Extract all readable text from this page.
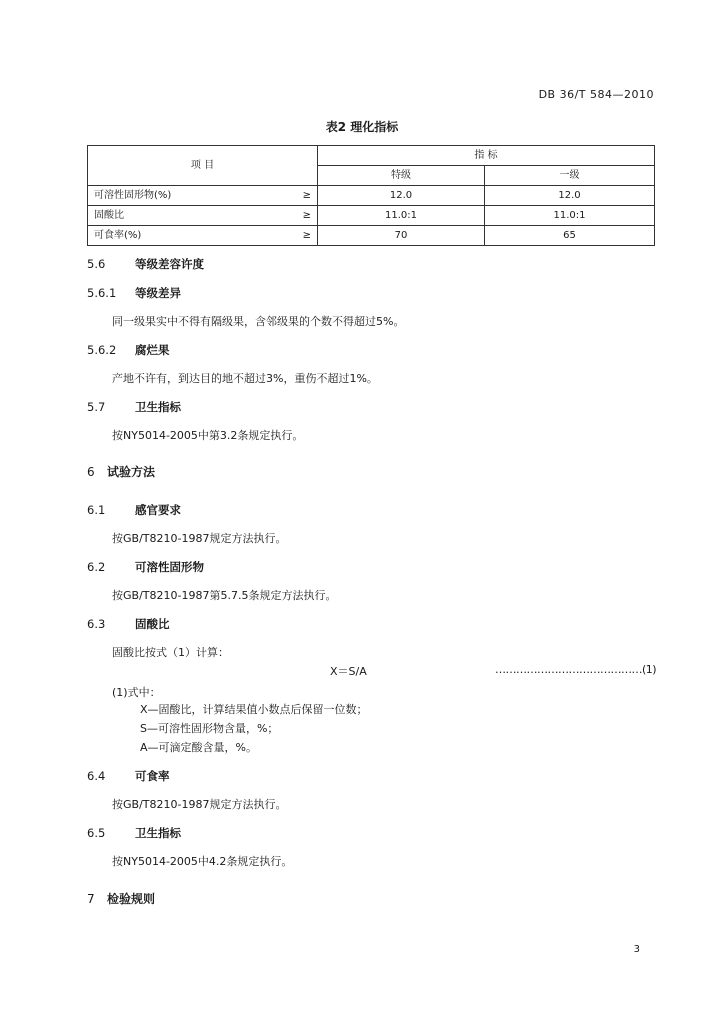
DB 36/T 584—2010
表2 理化指标
项 目	指 标	
	特级	一级
可溶性固形物(%) ≥	12.0	12.0
固酸比 ≥	11.0:1	11.0:1
可食率(%) ≥	70	65
5.6	等级差容许度
5.6.1 等级差异
同一级果实中不得有隔级果，含邻级果的个数不得超过5%。
5.6.2 腐烂果
产地不许有，到达目的地不超过3%，重伤不超过1%。
5.7	卫生指标
按NY5014-2005中第3.2条规定执行。
6 试验方法
6.1	感官要求
按GB/T8210-1987规定方法执行。
6.2	可溶性固形物
按GB/T8210-1987第5.7.5条规定方法执行。
6.3	固酸比
固酸比按式（1）计算：
X＝S/A	……………………………………(1)
(1)式中：
X—固酸比，计算结果值小数点后保留一位数；
S—可溶性固形物含量，%；
A—可滴定酸含量，%。
6.4	可食率
按GB/T8210-1987规定方法执行。
6.5	卫生指标
按NY5014-2005中4.2条规定执行。
7 检验规则
3
